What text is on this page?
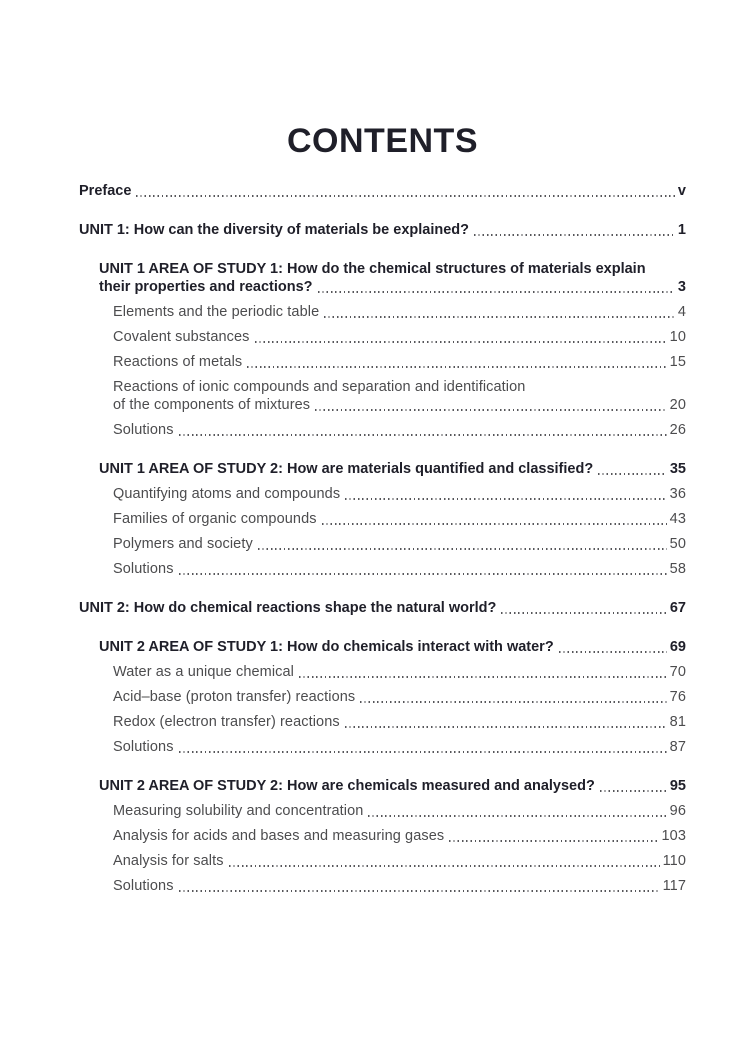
CONTENTS
Preface	v
UNIT 1: How can the diversity of materials be explained?	1
UNIT 1 AREA OF STUDY 1: How do the chemical structures of materials explain
their properties and reactions?	3
Elements and the periodic table	4
Covalent substances	10
Reactions of metals	15
Reactions of ionic compounds and separation and identification
of the components of mixtures	20
Solutions	26
UNIT 1 AREA OF STUDY 2: How are materials quantified and classified?	35
Quantifying atoms and compounds	36
Families of organic compounds	43
Polymers and society	50
Solutions	58
UNIT 2: How do chemical reactions shape the natural world?	67
UNIT 2 AREA OF STUDY 1: How do chemicals interact with water?	69
Water as a unique chemical	70
Acid–base (proton transfer) reactions	76
Redox (electron transfer) reactions	81
Solutions	87
UNIT 2 AREA OF STUDY 2: How are chemicals measured and analysed?	95
Measuring solubility and concentration	96
Analysis for acids and bases and measuring gases	103
Analysis for salts	110
Solutions	117
